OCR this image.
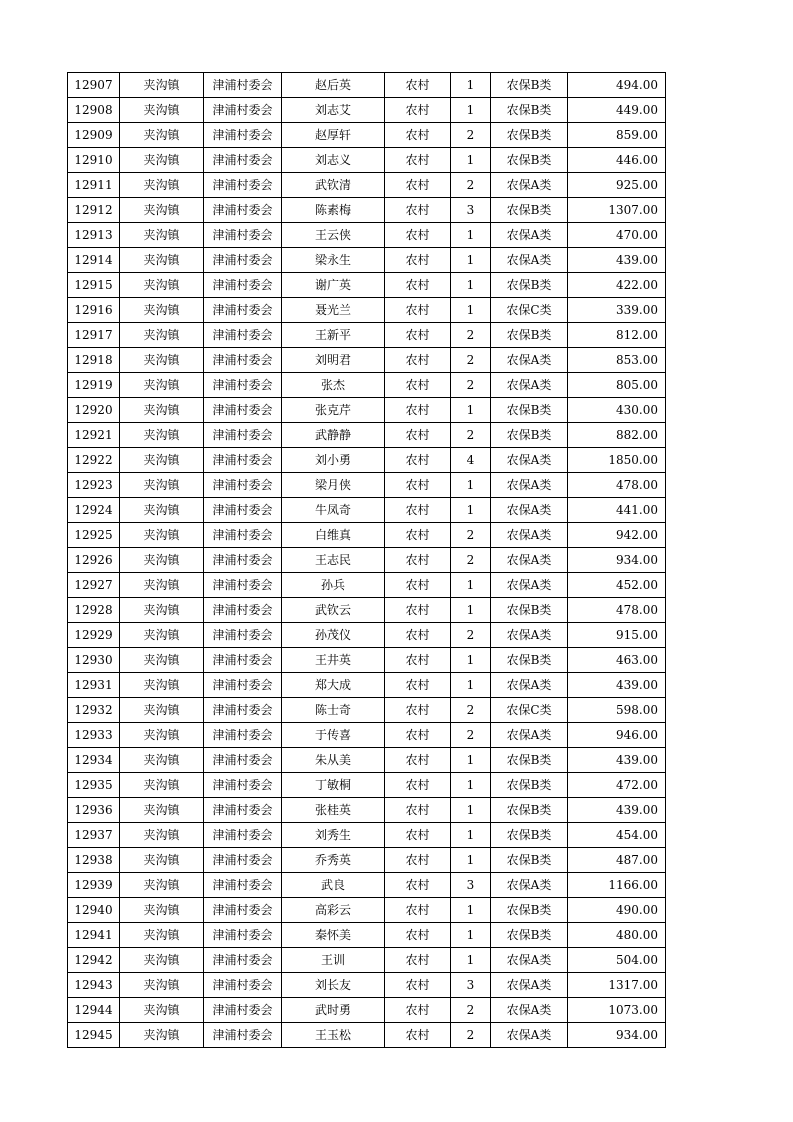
12907	夹沟镇	津浦村委会	赵后英	农村	1	农保B类	494.00
12908	夹沟镇	津浦村委会	刘志艾	农村	1	农保B类	449.00
12909	夹沟镇	津浦村委会	赵厚轩	农村	2	农保B类	859.00
12910	夹沟镇	津浦村委会	刘志义	农村	1	农保B类	446.00
12911	夹沟镇	津浦村委会	武钦清	农村	2	农保A类	925.00
12912	夹沟镇	津浦村委会	陈素梅	农村	3	农保B类	1307.00
12913	夹沟镇	津浦村委会	王云侠	农村	1	农保A类	470.00
12914	夹沟镇	津浦村委会	梁永生	农村	1	农保A类	439.00
12915	夹沟镇	津浦村委会	谢广英	农村	1	农保B类	422.00
12916	夹沟镇	津浦村委会	聂光兰	农村	1	农保C类	339.00
12917	夹沟镇	津浦村委会	王新平	农村	2	农保B类	812.00
12918	夹沟镇	津浦村委会	刘明君	农村	2	农保A类	853.00
12919	夹沟镇	津浦村委会	张杰	农村	2	农保A类	805.00
12920	夹沟镇	津浦村委会	张克芹	农村	1	农保B类	430.00
12921	夹沟镇	津浦村委会	武静静	农村	2	农保B类	882.00
12922	夹沟镇	津浦村委会	刘小勇	农村	4	农保A类	1850.00
12923	夹沟镇	津浦村委会	梁月侠	农村	1	农保A类	478.00
12924	夹沟镇	津浦村委会	牛凤奇	农村	1	农保A类	441.00
12925	夹沟镇	津浦村委会	白维真	农村	2	农保A类	942.00
12926	夹沟镇	津浦村委会	王志民	农村	2	农保A类	934.00
12927	夹沟镇	津浦村委会	孙兵	农村	1	农保A类	452.00
12928	夹沟镇	津浦村委会	武钦云	农村	1	农保B类	478.00
12929	夹沟镇	津浦村委会	孙茂仪	农村	2	农保A类	915.00
12930	夹沟镇	津浦村委会	王井英	农村	1	农保B类	463.00
12931	夹沟镇	津浦村委会	郑大成	农村	1	农保A类	439.00
12932	夹沟镇	津浦村委会	陈士奇	农村	2	农保C类	598.00
12933	夹沟镇	津浦村委会	于传喜	农村	2	农保A类	946.00
12934	夹沟镇	津浦村委会	朱从美	农村	1	农保B类	439.00
12935	夹沟镇	津浦村委会	丁敏桐	农村	1	农保B类	472.00
12936	夹沟镇	津浦村委会	张桂英	农村	1	农保B类	439.00
12937	夹沟镇	津浦村委会	刘秀生	农村	1	农保B类	454.00
12938	夹沟镇	津浦村委会	乔秀英	农村	1	农保B类	487.00
12939	夹沟镇	津浦村委会	武良	农村	3	农保A类	1166.00
12940	夹沟镇	津浦村委会	高彩云	农村	1	农保B类	490.00
12941	夹沟镇	津浦村委会	秦怀美	农村	1	农保B类	480.00
12942	夹沟镇	津浦村委会	王训	农村	1	农保A类	504.00
12943	夹沟镇	津浦村委会	刘长友	农村	3	农保A类	1317.00
12944	夹沟镇	津浦村委会	武时勇	农村	2	农保A类	1073.00
12945	夹沟镇	津浦村委会	王玉松	农村	2	农保A类	934.00
